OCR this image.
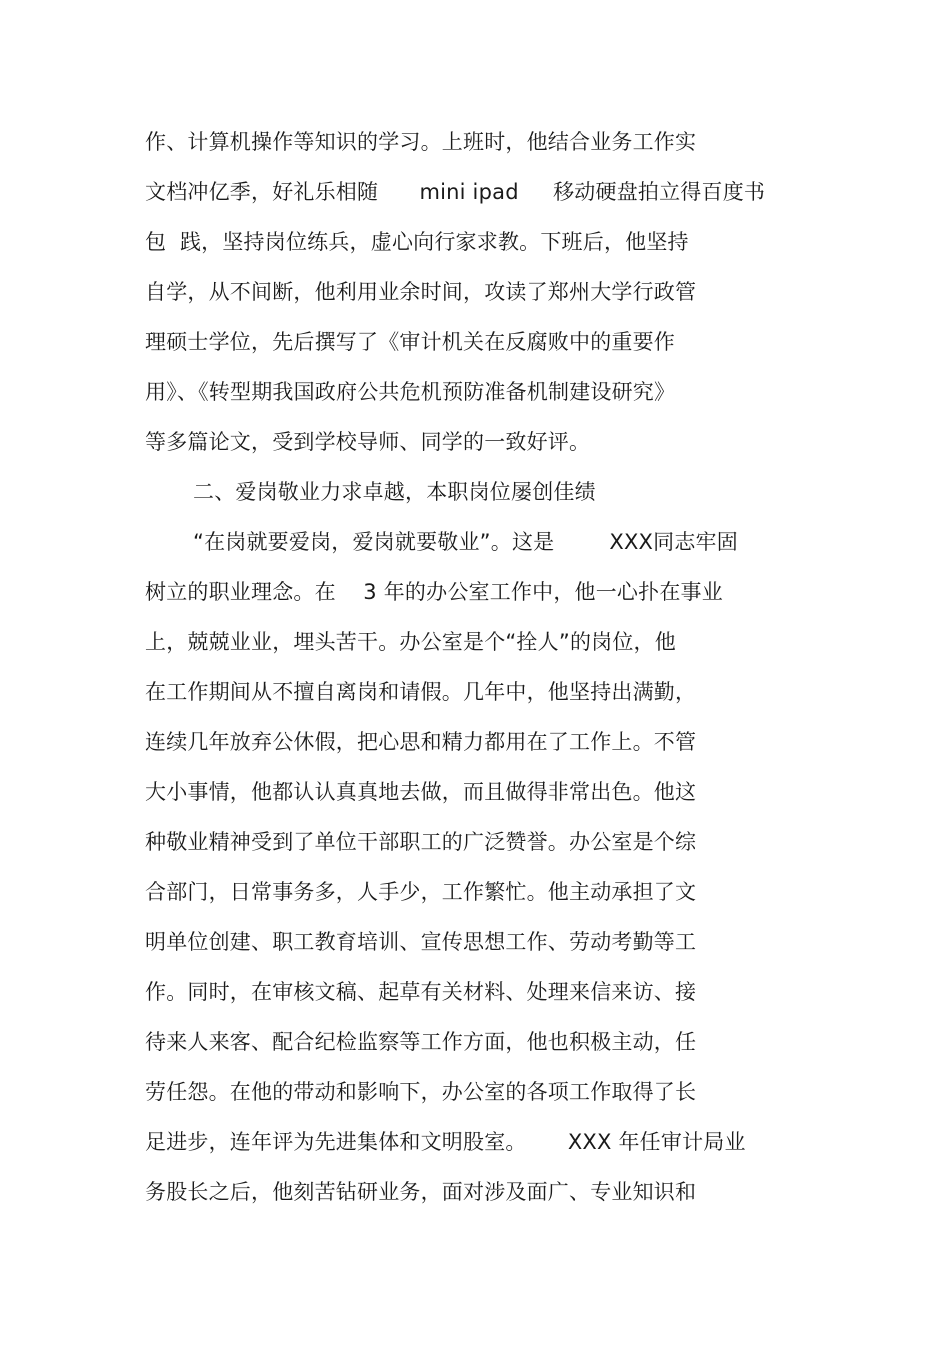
作、计算机操作等知识的学习。上班时，他结合业务工作实
文档冲亿季，好礼乐相随      mini ipad     移动硬盘拍立得百度书
包  践，坚持岗位练兵，虚心向行家求教。下班后，他坚持
自学，从不间断，他利用业余时间，攻读了郑州大学行政管
理硕士学位，先后撰写了《审计机关在反腐败中的重要作
用》、《转型期我国政府公共危机预防准备机制建设研究》
等多篇论文，受到学校导师、同学的一致好评。
二、爱岗敬业力求卓越，本职岗位屡创佳绩
“在岗就要爱岗，爱岗就要敬业”。这是        XXX同志牢固
树立的职业理念。在    3 年的办公室工作中，他一心扑在事业
上，兢兢业业，埋头苦干。办公室是个“拴人”的岗位，他
在工作期间从不擅自离岗和请假。几年中，他坚持出满勤，
连续几年放弃公休假，把心思和精力都用在了工作上。不管
大小事情，他都认认真真地去做，而且做得非常出色。他这
种敬业精神受到了单位干部职工的广泛赞誉。办公室是个综
合部门，日常事务多，人手少，工作繁忙。他主动承担了文
明单位创建、职工教育培训、宣传思想工作、劳动考勤等工
作。同时，在审核文稿、起草有关材料、处理来信来访、接
待来人来客、配合纪检监察等工作方面，他也积极主动，任
劳任怨。在他的带动和影响下，办公室的各项工作取得了长
足进步，连年评为先进集体和文明股室。      XXX 年任审计局业
务股长之后，他刻苦钻研业务，面对涉及面广、专业知识和
